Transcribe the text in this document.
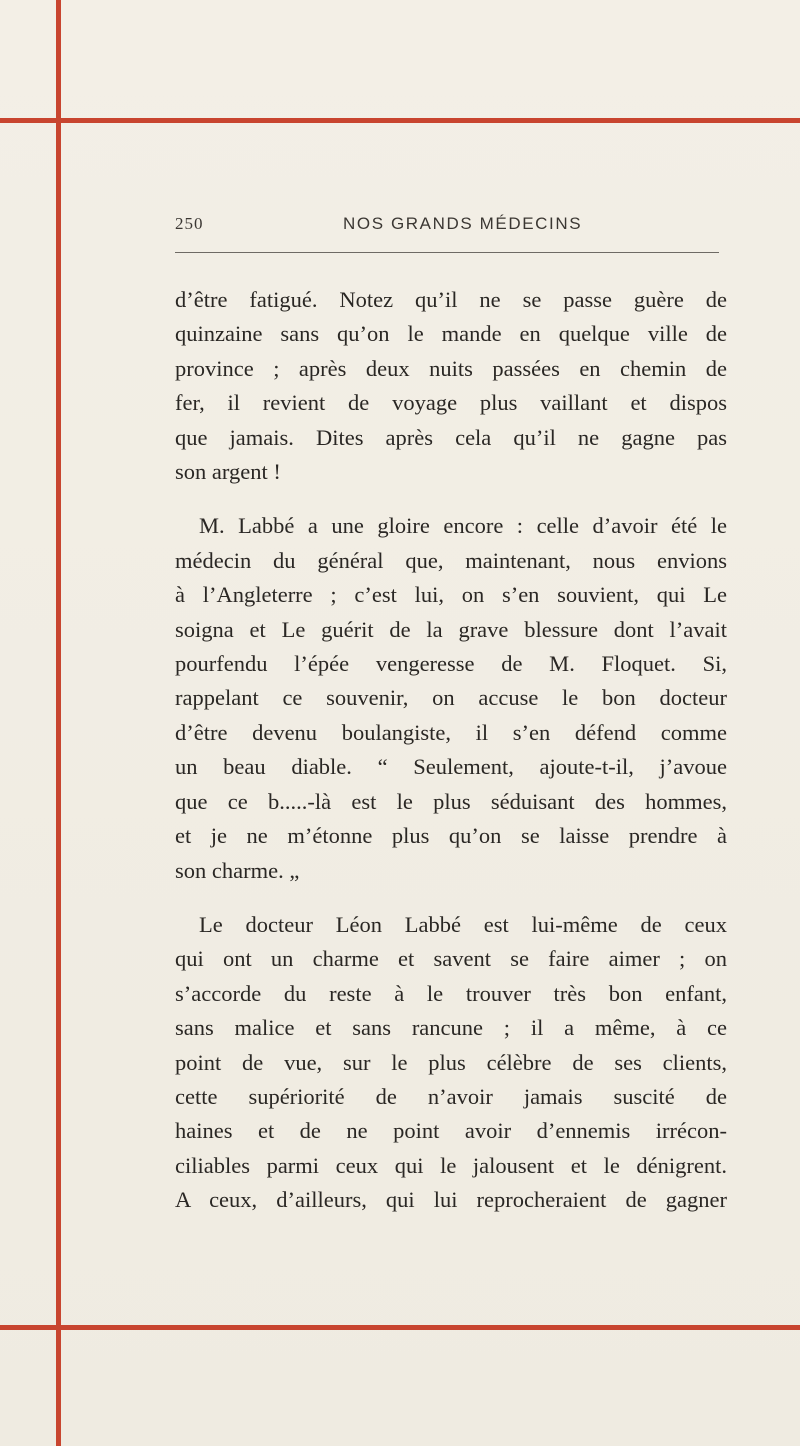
250	NOS GRANDS MÉDECINS

d’être fatigué. Notez qu’il ne se passe guère de
quinzaine sans qu’on le mande en quelque ville de
province ; après deux nuits passées en chemin de
fer, il revient de voyage plus vaillant et dispos
que jamais. Dites après cela qu’il ne gagne pas
son argent !

M. Labbé a une gloire encore : celle d’avoir été le
médecin du général que, maintenant, nous envions
à l’Angleterre ; c’est lui, on s’en souvient, qui Le
soigna et Le guérit de la grave blessure dont l’avait
pourfendu l’épée vengeresse de M. Floquet. Si,
rappelant ce souvenir, on accuse le bon docteur
d’être devenu boulangiste, il s’en défend comme
un beau diable. “ Seulement, ajoute-t-il, j’avoue
que ce b.....-là est le plus séduisant des hommes,
et je ne m’étonne plus qu’on se laisse prendre à
son charme. „

Le docteur Léon Labbé est lui-même de ceux
qui ont un charme et savent se faire aimer ; on
s’accorde du reste à le trouver très bon enfant,
sans malice et sans rancune ; il a même, à ce
point de vue, sur le plus célèbre de ses clients,
cette supériorité de n’avoir jamais suscité de
haines et de ne point avoir d’ennemis irrécon-
ciliables parmi ceux qui le jalousent et le dénigrent.
A ceux, d’ailleurs, qui lui reprocheraient de gagner
